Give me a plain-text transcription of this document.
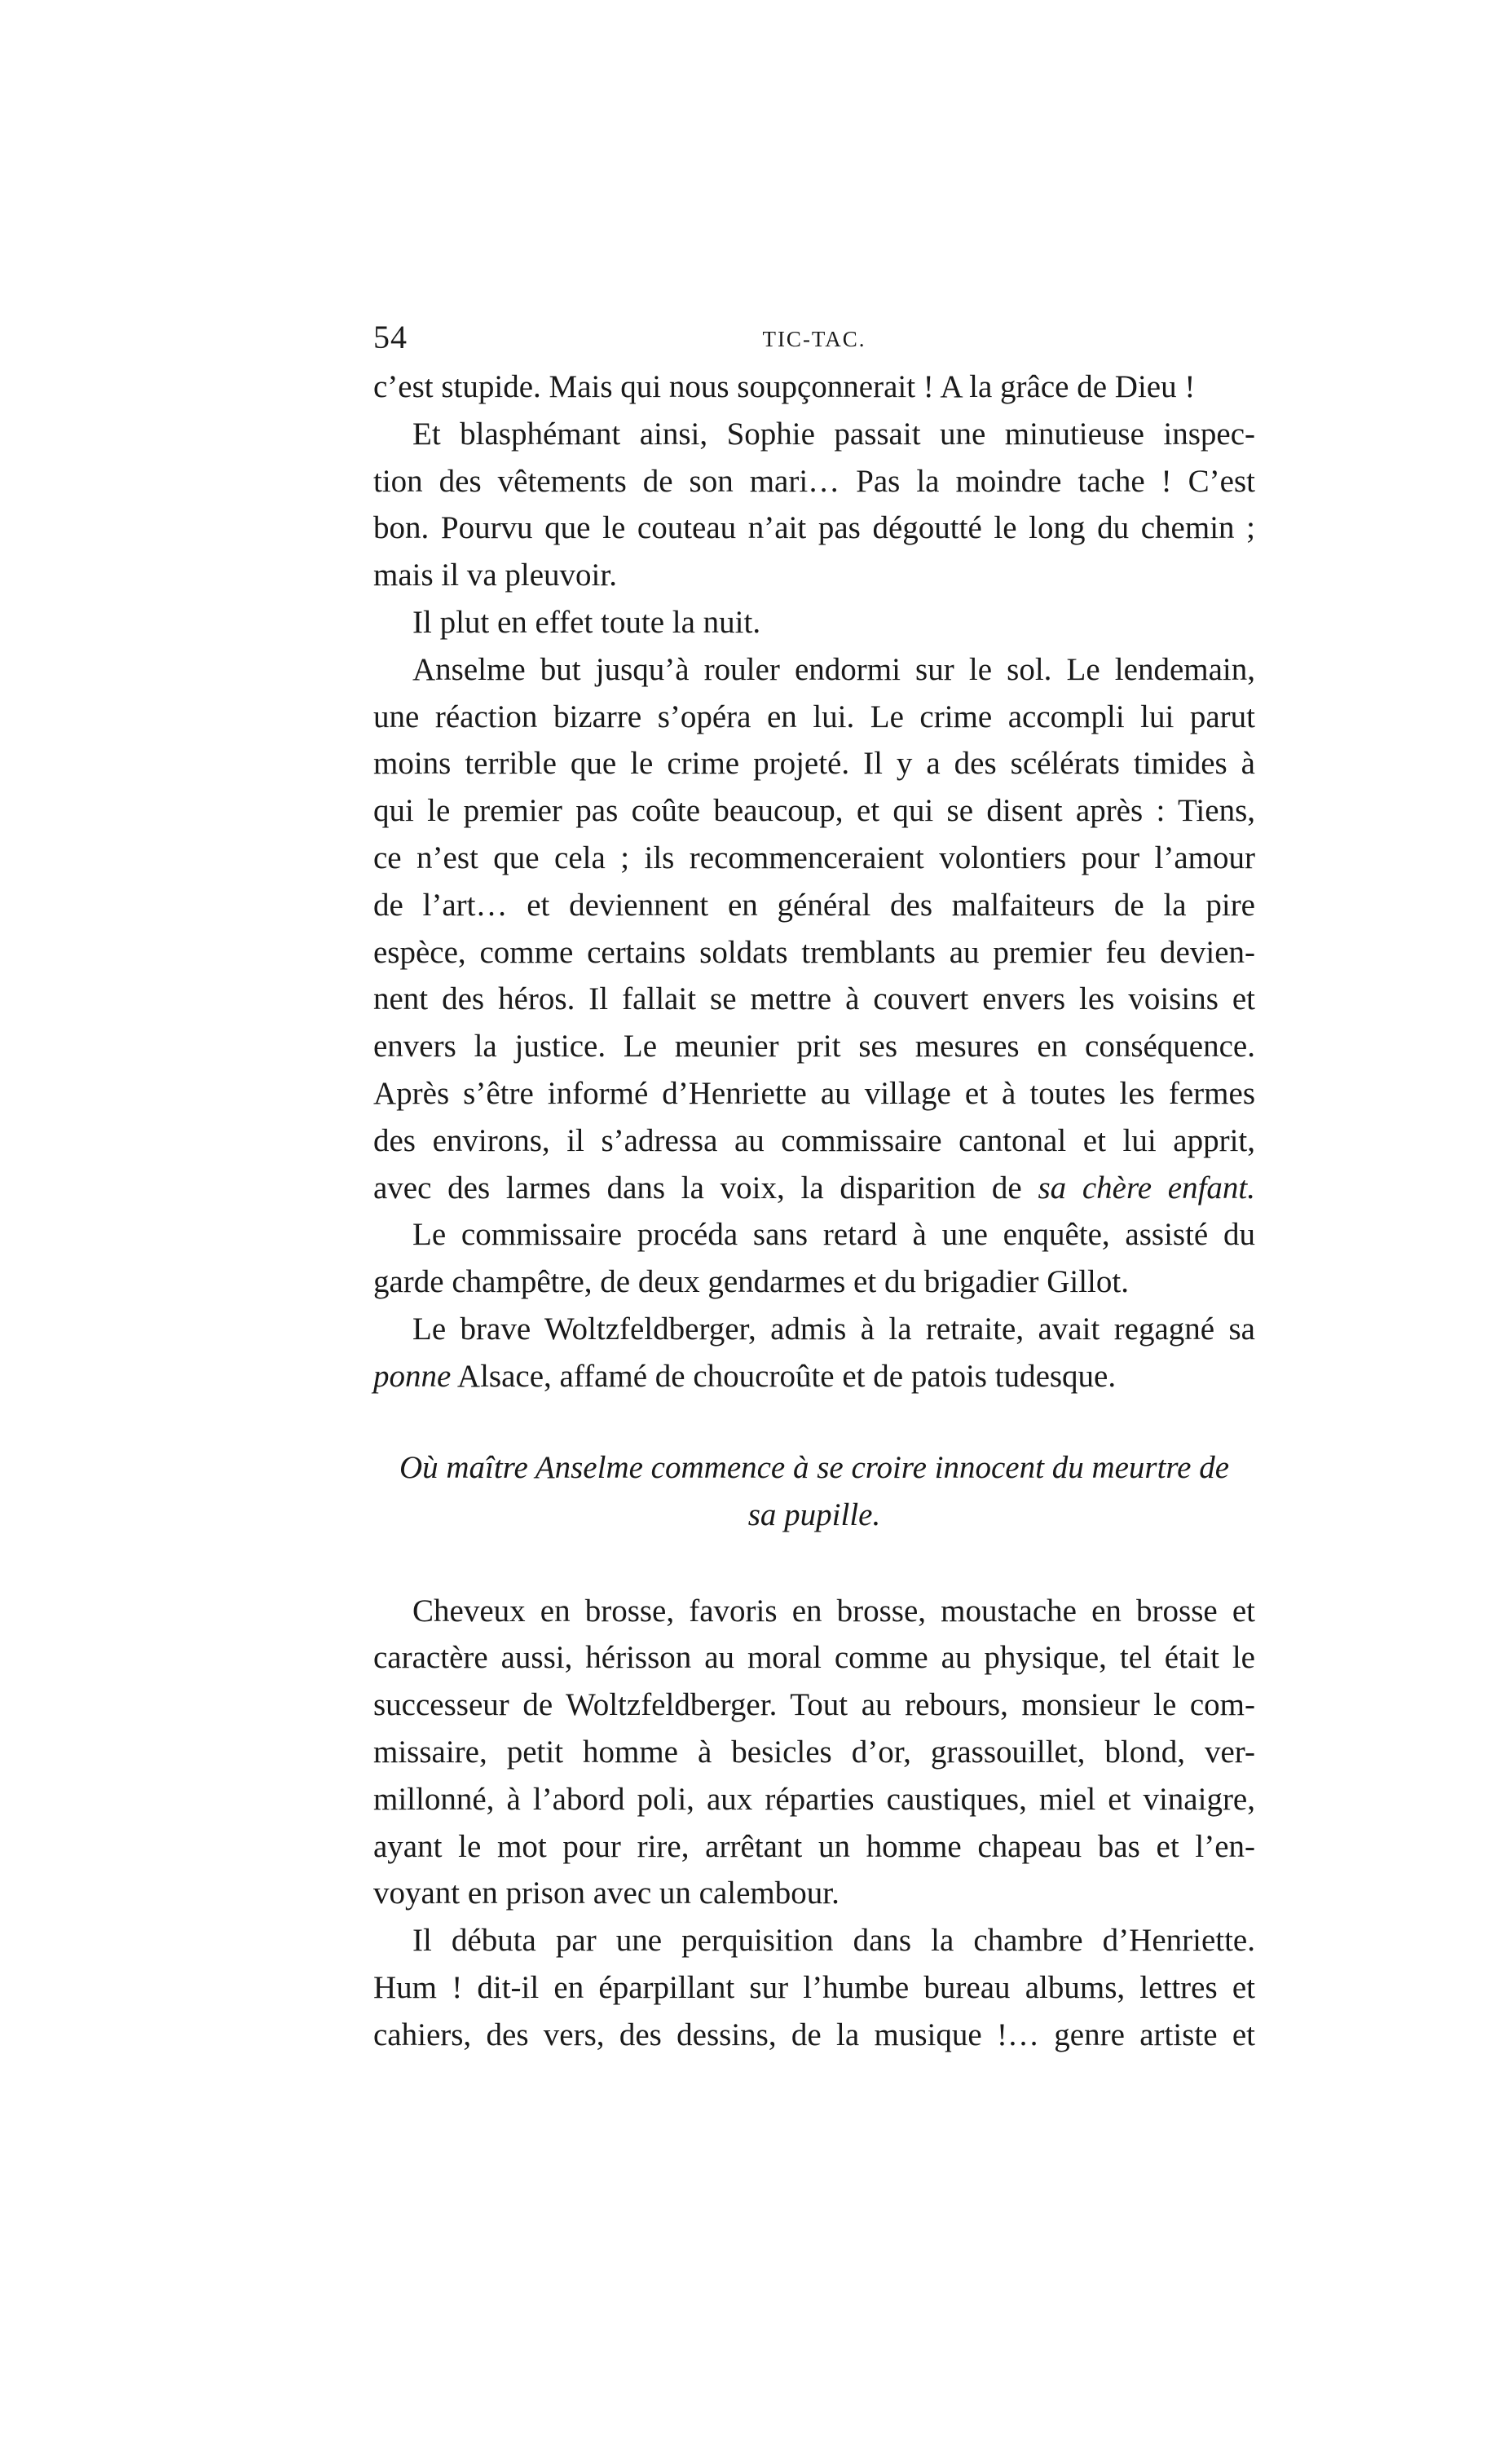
54	TIC-TAC.

c’est stupide. Mais qui nous soupçonnerait ! A la grâce de Dieu !

Et blasphémant ainsi, Sophie passait une minutieuse inspec-
tion des vêtements de son mari… Pas la moindre tache ! C’est
bon. Pourvu que le couteau n’ait pas dégoutté le long du chemin ;
mais il va pleuvoir.
Il plut en effet toute la nuit.
Anselme but jusqu’à rouler endormi sur le sol. Le lendemain,
une réaction bizarre s’opéra en lui. Le crime accompli lui parut
moins terrible que le crime projeté. Il y a des scélérats timides à
qui le premier pas coûte beaucoup, et qui se disent après : Tiens,
ce n’est que cela ; ils recommenceraient volontiers pour l’amour
de l’art… et deviennent en général des malfaiteurs de la pire
espèce, comme certains soldats tremblants au premier feu devien-
nent des héros. Il fallait se mettre à couvert envers les voisins et
envers la justice. Le meunier prit ses mesures en conséquence.
Après s’être informé d’Henriette au village et à toutes les fermes
des environs, il s’adressa au commissaire cantonal et lui apprit,
avec des larmes dans la voix, la disparition de sa chère enfant.
Le commissaire procéda sans retard à une enquête, assisté du
garde champêtre, de deux gendarmes et du brigadier Gillot.
Le brave Woltzfeldberger, admis à la retraite, avait regagné sa
ponne Alsace, affamé de choucroûte et de patois tudesque.
Où maître Anselme commence à se croire innocent du meurtre de
sa pupille.
Cheveux en brosse, favoris en brosse, moustache en brosse et
caractère aussi, hérisson au moral comme au physique, tel était le
successeur de Woltzfeldberger. Tout au rebours, monsieur le com-
missaire, petit homme à besicles d’or, grassouillet, blond, ver-
millonné, à l’abord poli, aux réparties caustiques, miel et vinaigre,
ayant le mot pour rire, arrêtant un homme chapeau bas et l’en-
voyant en prison avec un calembour.
Il débuta par une perquisition dans la chambre d’Henriette.
Hum ! dit-il en éparpillant sur l’humbe bureau albums, lettres et
cahiers, des vers, des dessins, de la musique !… genre artiste et
